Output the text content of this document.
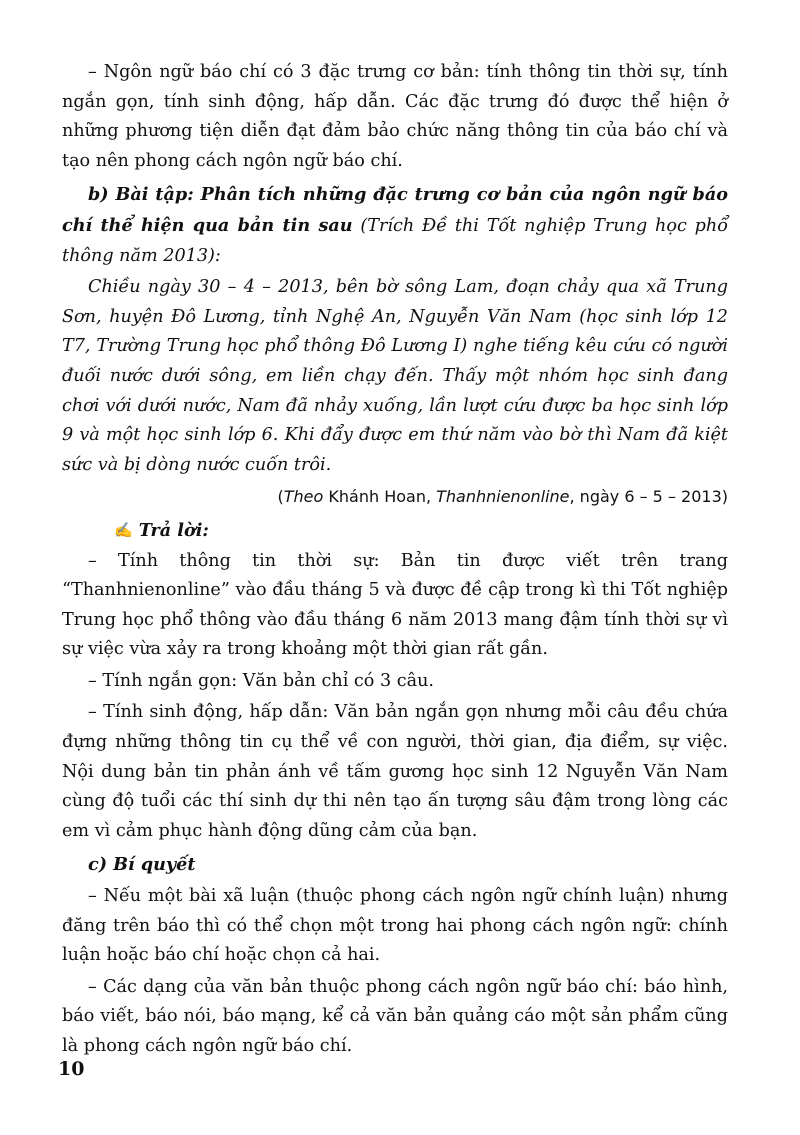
– Ngôn ngữ báo chí có 3 đặc trưng cơ bản: tính thông tin thời sự, tính ngắn gọn, tính sinh động, hấp dẫn. Các đặc trưng đó được thể hiện ở những phương tiện diễn đạt đảm bảo chức năng thông tin của báo chí và tạo nên phong cách ngôn ngữ báo chí.

b) Bài tập: Phân tích những đặc trưng cơ bản của ngôn ngữ báo chí thể hiện qua bản tin sau (Trích Đề thi Tốt nghiệp Trung học phổ thông năm 2013):

Chiều ngày 30 – 4 – 2013, bên bờ sông Lam, đoạn chảy qua xã Trung Sơn, huyện Đô Lương, tỉnh Nghệ An, Nguyễn Văn Nam (học sinh lớp 12 T7, Trường Trung học phổ thông Đô Lương I) nghe tiếng kêu cứu có người đuối nước dưới sông, em liền chạy đến. Thấy một nhóm học sinh đang chơi với dưới nước, Nam đã nhảy xuống, lần lượt cứu được ba học sinh lớp 9 và một học sinh lớp 6. Khi đẩy được em thứ năm vào bờ thì Nam đã kiệt sức và bị dòng nước cuốn trôi.

(Theo Khánh Hoan, Thanhnienonline, ngày 6 – 5 – 2013)

✍ Trả lời:

– Tính thông tin thời sự: Bản tin được viết trên trang “Thanhnienonline” vào đầu tháng 5 và được đề cập trong kì thi Tốt nghiệp Trung học phổ thông vào đầu tháng 6 năm 2013 mang đậm tính thời sự vì sự việc vừa xảy ra trong khoảng một thời gian rất gần.

– Tính ngắn gọn: Văn bản chỉ có 3 câu.

– Tính sinh động, hấp dẫn: Văn bản ngắn gọn nhưng mỗi câu đều chứa đựng những thông tin cụ thể về con người, thời gian, địa điểm, sự việc. Nội dung bản tin phản ánh về tấm gương học sinh 12 Nguyễn Văn Nam cùng độ tuổi các thí sinh dự thi nên tạo ấn tượng sâu đậm trong lòng các em vì cảm phục hành động dũng cảm của bạn.

c) Bí quyết

– Nếu một bài xã luận (thuộc phong cách ngôn ngữ chính luận) nhưng đăng trên báo thì có thể chọn một trong hai phong cách ngôn ngữ: chính luận hoặc báo chí hoặc chọn cả hai.

– Các dạng của văn bản thuộc phong cách ngôn ngữ báo chí: báo hình, báo viết, báo nói, báo mạng, kể cả văn bản quảng cáo một sản phẩm cũng là phong cách ngôn ngữ báo chí.

10
